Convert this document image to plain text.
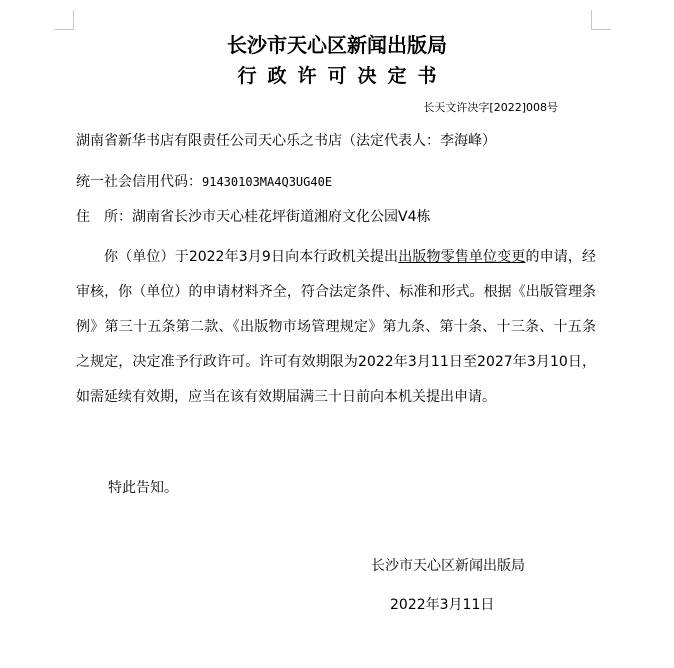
长沙市天心区新闻出版局
行政许可决定书
长天文许决字[2022]008号
湖南省新华书店有限责任公司天心乐之书店（法定代表人：李海峰）
统一社会信用代码：91430103MA4Q3UG40E
住　所：湖南省长沙市天心桂花坪街道湘府文化公园V4栋
你（单位）于2022年3月9日向本行政机关提出出版物零售单位变更的申请，经审核，你（单位）的申请材料齐全，符合法定条件、标准和形式。根据《出版管理条例》第三十五条第二款、《出版物市场管理规定》第九条、第十条、十三条、十五条之规定，决定准予行政许可。许可有效期限为2022年3月11日至2027年3月10日，如需延续有效期，应当在该有效期届满三十日前向本机关提出申请。
特此告知。
长沙市天心区新闻出版局
2022年3月11日
